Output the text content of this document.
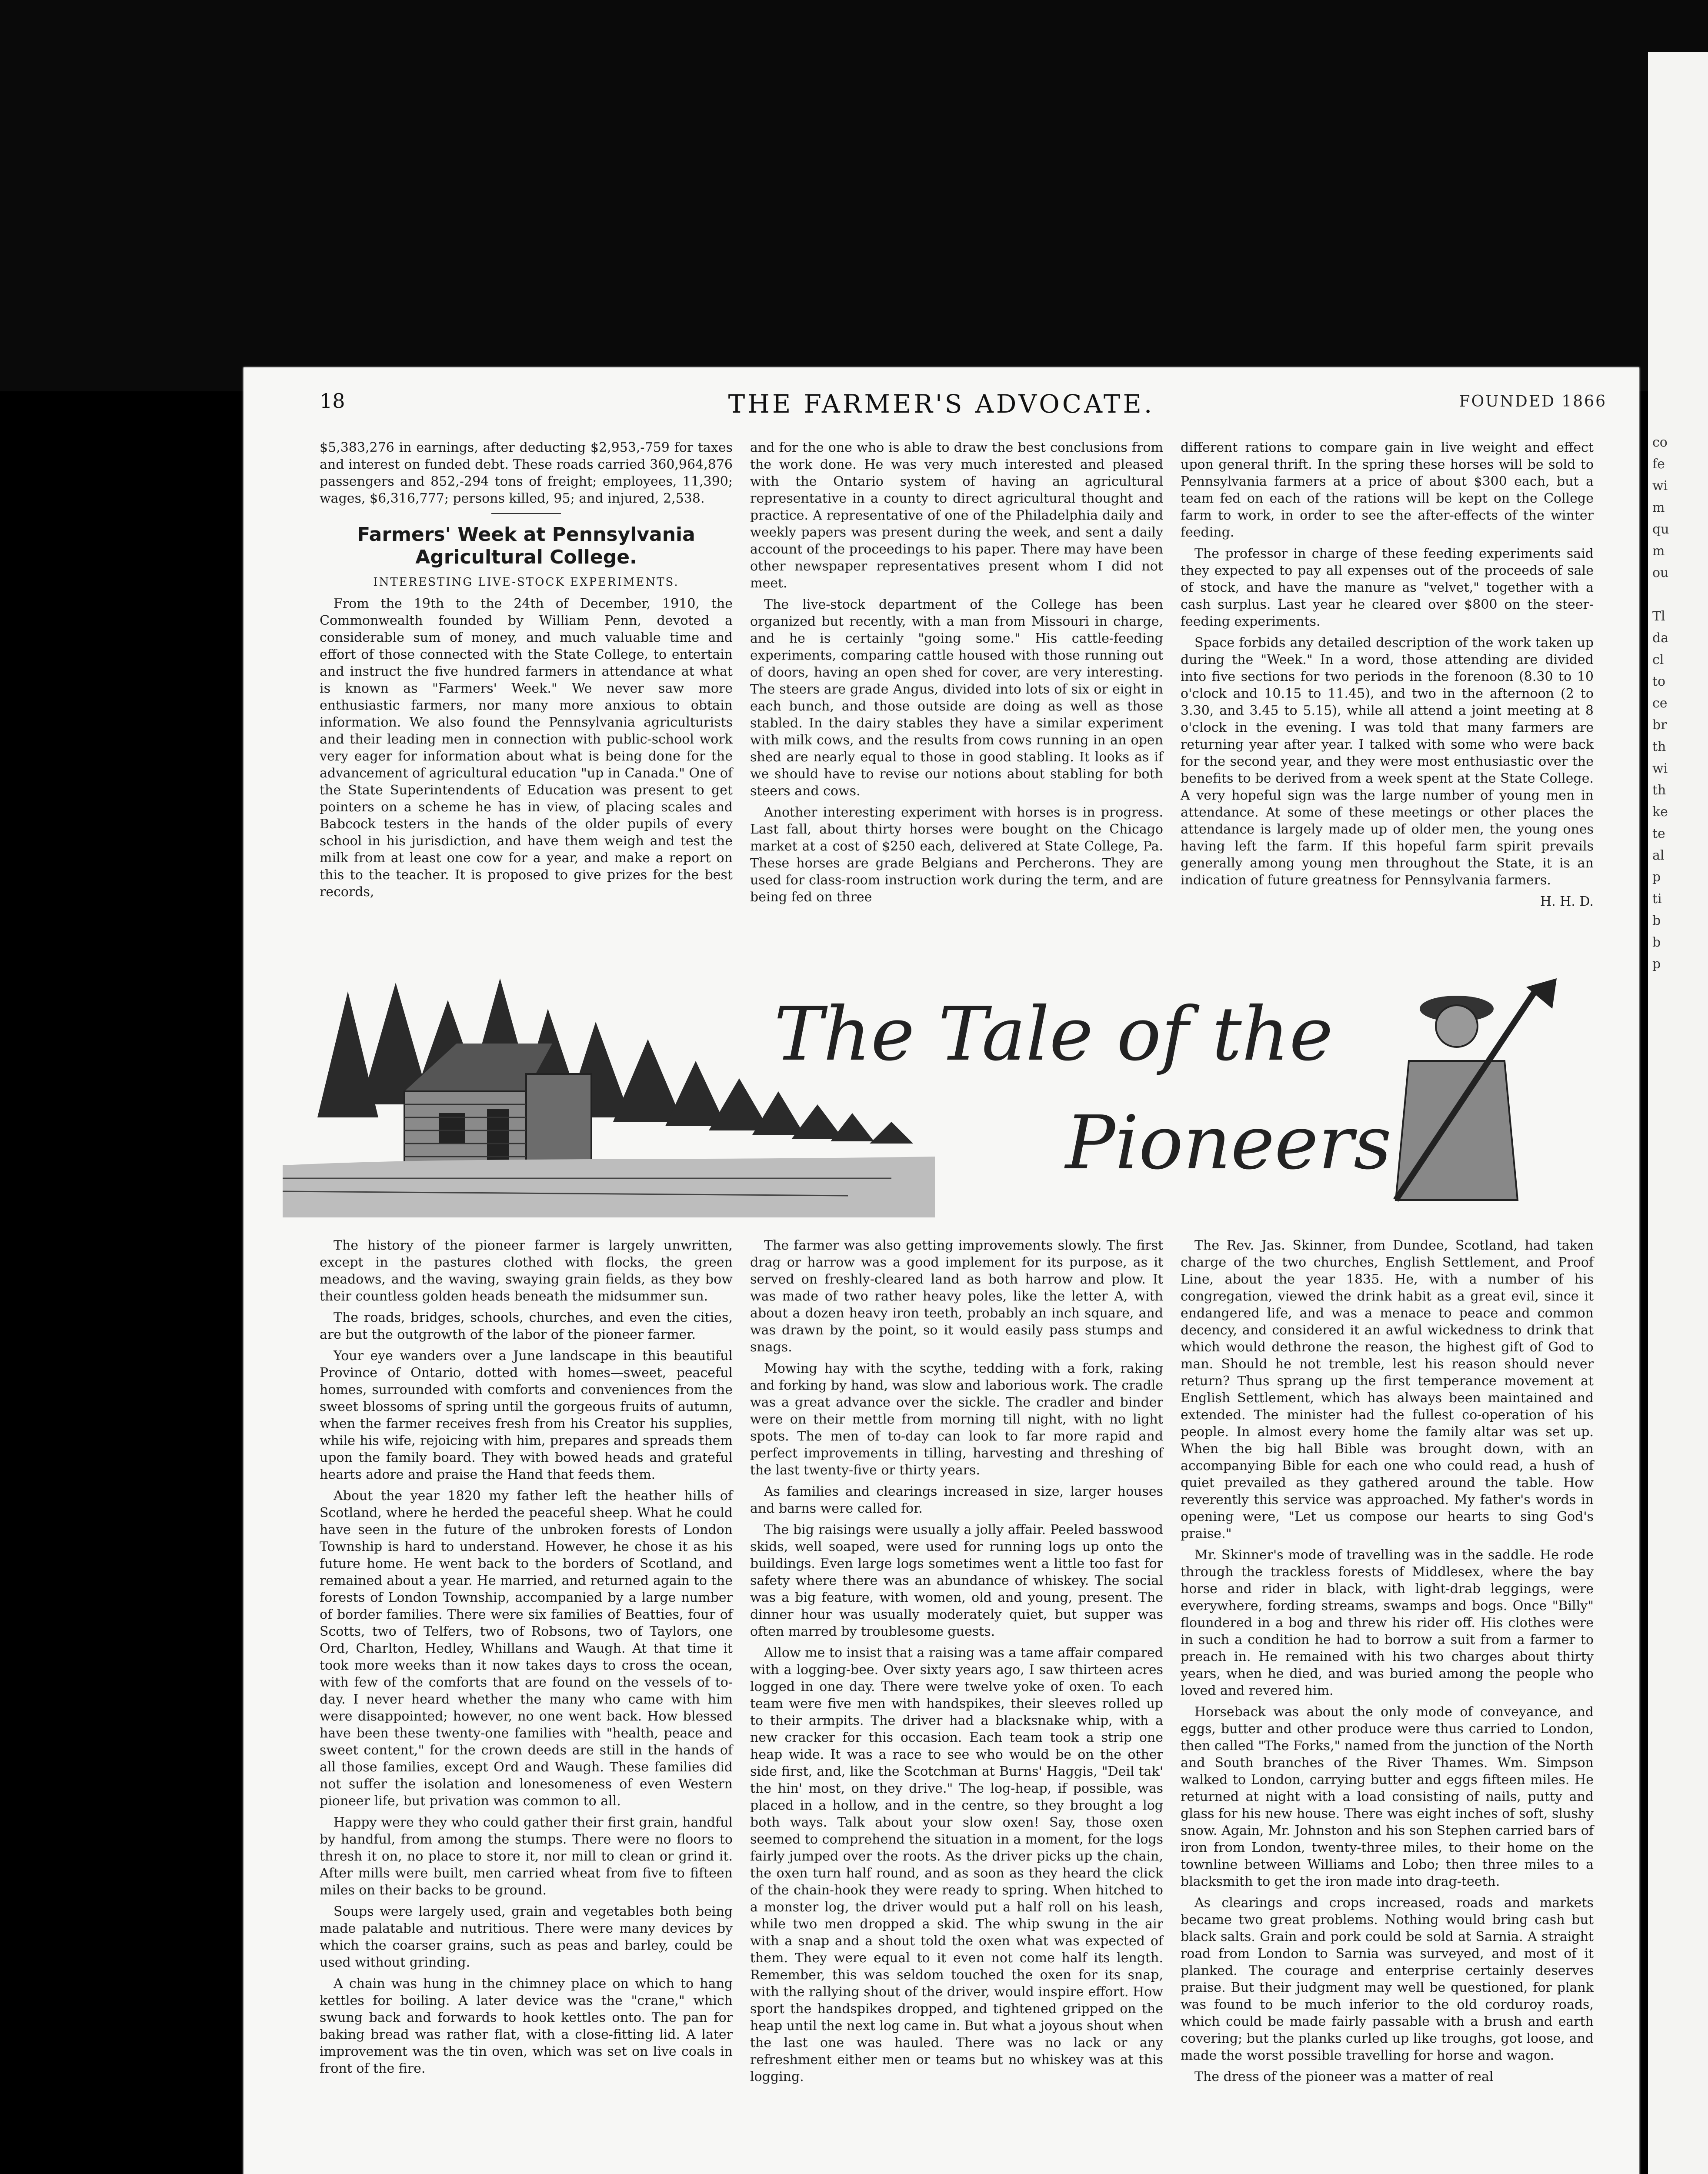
co
fe
wi
m
qu
m
ou
Tl
da
cl
to
ce
br
th
wi
th
ke
te
al
p
ti
b
b
p
THE FARMER'S ADVOCATE.
18	FOUNDED 1866

$5,383,276 in earnings, after deducting $2,953,-759 for taxes and interest on funded debt. These roads carried 360,964,876 passengers and 852,-294 tons of freight; employees, 11,390; wages, $6,316,777; persons killed, 95; and injured, 2,538.

Farmers' Week at Pennsylvania Agricultural College.
INTERESTING LIVE-STOCK EXPERIMENTS.

From the 19th to the 24th of December, 1910, the Commonwealth founded by William Penn, devoted a considerable sum of money, and much valuable time and effort of those connected with the State College, to entertain and instruct the five hundred farmers in attendance at what is known as "Farmers' Week." We never saw more enthusiastic farmers, nor many more anxious to obtain information. We also found the Pennsylvania agriculturists and their leading men in connection with public-school work very eager for information about what is being done for the advancement of agricultural education "up in Canada." One of the State Superintendents of Education was present to get pointers on a scheme he has in view, of placing scales and Babcock testers in the hands of the older pupils of every school in his jurisdiction, and have them weigh and test the milk from at least one cow for a year, and make a report on this to the teacher. It is proposed to give prizes for the best records,

and for the one who is able to draw the best conclusions from the work done. He was very much interested and pleased with the Ontario system of having an agricultural representative in a county to direct agricultural thought and practice. A representative of one of the Philadelphia daily and weekly papers was present during the week, and sent a daily account of the proceedings to his paper. There may have been other newspaper representatives present whom I did not meet.

The live-stock department of the College has been organized but recently, with a man from Missouri in charge, and he is certainly "going some." His cattle-feeding experiments, comparing cattle housed with those running out of doors, having an open shed for cover, are very interesting. The steers are grade Angus, divided into lots of six or eight in each bunch, and those outside are doing as well as those stabled. In the dairy stables they have a similar experiment with milk cows, and the results from cows running in an open shed are nearly equal to those in good stabling. It looks as if we should have to revise our notions about stabling for both steers and cows.

Another interesting experiment with horses is in progress. Last fall, about thirty horses were bought on the Chicago market at a cost of $250 each, delivered at State College, Pa. These horses are grade Belgians and Percherons. They are used for class-room instruction work during the term, and are being fed on three

different rations to compare gain in live weight and effect upon general thrift. In the spring these horses will be sold to Pennsylvania farmers at a price of about $300 each, but a team fed on each of the rations will be kept on the College farm to work, in order to see the after-effects of the winter feeding.

The professor in charge of these feeding experiments said they expected to pay all expenses out of the proceeds of sale of stock, and have the manure as "velvet," together with a cash surplus. Last year he cleared over $800 on the steer-feeding experiments.

Space forbids any detailed description of the work taken up during the "Week." In a word, those attending are divided into five sections for two periods in the forenoon (8.30 to 10 o'clock and 10.15 to 11.45), and two in the afternoon (2 to 3.30, and 3.45 to 5.15), while all attend a joint meeting at 8 o'clock in the evening. I was told that many farmers are returning year after year. I talked with some who were back for the second year, and they were most enthusiastic over the benefits to be derived from a week spent at the State College. A very hopeful sign was the large number of young men in attendance. At some of these meetings or other places the attendance is largely made up of older men, the young ones having left the farm. If this hopeful farm spirit prevails generally among young men throughout the State, it is an indication of future greatness for Pennsylvania farmers.

H. H. D.

The Tale of the
Pioneers

The history of the pioneer farmer is largely unwritten, except in the pastures clothed with flocks, the green meadows, and the waving, swaying grain fields, as they bow their countless golden heads beneath the midsummer sun.

The roads, bridges, schools, churches, and even the cities, are but the outgrowth of the labor of the pioneer farmer.

Your eye wanders over a June landscape in this beautiful Province of Ontario, dotted with homes—sweet, peaceful homes, surrounded with comforts and conveniences from the sweet blossoms of spring until the gorgeous fruits of autumn, when the farmer receives fresh from his Creator his supplies, while his wife, rejoicing with him, prepares and spreads them upon the family board. They with bowed heads and grateful hearts adore and praise the Hand that feeds them.

About the year 1820 my father left the heather hills of Scotland, where he herded the peaceful sheep. What he could have seen in the future of the unbroken forests of London Township is hard to understand. However, he chose it as his future home. He went back to the borders of Scotland, and remained about a year. He married, and returned again to the forests of London Township, accompanied by a large number of border families. There were six families of Beatties, four of Scotts, two of Telfers, two of Robsons, two of Taylors, one Ord, Charlton, Hedley, Whillans and Waugh. At that time it took more weeks than it now takes days to cross the ocean, with few of the comforts that are found on the vessels of to-day. I never heard whether the many who came with him were disappointed; however, no one went back. How blessed have been these twenty-one families with "health, peace and sweet content," for the crown deeds are still in the hands of all those families, except Ord and Waugh. These families did not suffer the isolation and lonesomeness of even Western pioneer life, but privation was common to all.

Happy were they who could gather their first grain, handful by handful, from among the stumps. There were no floors to thresh it on, no place to store it, nor mill to clean or grind it. After mills were built, men carried wheat from five to fifteen miles on their backs to be ground.

Soups were largely used, grain and vegetables both being made palatable and nutritious. There were many devices by which the coarser grains, such as peas and barley, could be used without grinding.

A chain was hung in the chimney place on which to hang kettles for boiling. A later device was the "crane," which swung back and forwards to hook kettles onto. The pan for baking bread was rather flat, with a close-fitting lid. A later improvement was the tin oven, which was set on live coals in front of the fire.

The farmer was also getting improvements slowly. The first drag or harrow was a good implement for its purpose, as it served on freshly-cleared land as both harrow and plow. It was made of two rather heavy poles, like the letter A, with about a dozen heavy iron teeth, probably an inch square, and was drawn by the point, so it would easily pass stumps and snags.

Mowing hay with the scythe, tedding with a fork, raking and forking by hand, was slow and laborious work. The cradle was a great advance over the sickle. The cradler and binder were on their mettle from morning till night, with no light spots. The men of to-day can look to far more rapid and perfect improvements in tilling, harvesting and threshing of the last twenty-five or thirty years.

As families and clearings increased in size, larger houses and barns were called for.

The big raisings were usually a jolly affair. Peeled basswood skids, well soaped, were used for running logs up onto the buildings. Even large logs sometimes went a little too fast for safety where there was an abundance of whiskey. The social was a big feature, with women, old and young, present. The dinner hour was usually moderately quiet, but supper was often marred by troublesome guests.

Allow me to insist that a raising was a tame affair compared with a logging-bee. Over sixty years ago, I saw thirteen acres logged in one day. There were twelve yoke of oxen. To each team were five men with handspikes, their sleeves rolled up to their armpits. The driver had a blacksnake whip, with a new cracker for this occasion. Each team took a strip one heap wide. It was a race to see who would be on the other side first, and, like the Scotchman at Burns' Haggis, "Deil tak' the hin' most, on they drive." The log-heap, if possible, was placed in a hollow, and in the centre, so they brought a log both ways. Talk about your slow oxen! Say, those oxen seemed to comprehend the situation in a moment, for the logs fairly jumped over the roots. As the driver picks up the chain, the oxen turn half round, and as soon as they heard the click of the chain-hook they were ready to spring. When hitched to a monster log, the driver would put a half roll on his leash, while two men dropped a skid. The whip swung in the air with a snap and a shout told the oxen what was expected of them. They were equal to it even not come half its length. Remember, this was seldom touched the oxen for its snap, with the rallying shout of the driver, would inspire effort. How sport the handspikes dropped, and tightened gripped on the heap until the next log came in. But what a joyous shout when the last one was hauled. There was no lack or any refreshment either men or teams but no whiskey was at this logging.

The Rev. Jas. Skinner, from Dundee, Scotland, had taken charge of the two churches, English Settlement, and Proof Line, about the year 1835. He, with a number of his congregation, viewed the drink habit as a great evil, since it endangered life, and was a menace to peace and common decency, and considered it an awful wickedness to drink that which would dethrone the reason, the highest gift of God to man. Should he not tremble, lest his reason should never return? Thus sprang up the first temperance movement at English Settlement, which has always been maintained and extended. The minister had the fullest co-operation of his people. In almost every home the family altar was set up. When the big hall Bible was brought down, with an accompanying Bible for each one who could read, a hush of quiet prevailed as they gathered around the table. How reverently this service was approached. My father's words in opening were, "Let us compose our hearts to sing God's praise."

Mr. Skinner's mode of travelling was in the saddle. He rode through the trackless forests of Middlesex, where the bay horse and rider in black, with light-drab leggings, were everywhere, fording streams, swamps and bogs. Once "Billy" floundered in a bog and threw his rider off. His clothes were in such a condition he had to borrow a suit from a farmer to preach in. He remained with his two charges about thirty years, when he died, and was buried among the people who loved and revered him.

Horseback was about the only mode of conveyance, and eggs, butter and other produce were thus carried to London, then called "The Forks," named from the junction of the North and South branches of the River Thames. Wm. Simpson walked to London, carrying butter and eggs fifteen miles. He returned at night with a load consisting of nails, putty and glass for his new house. There was eight inches of soft, slushy snow. Again, Mr. Johnston and his son Stephen carried bars of iron from London, twenty-three miles, to their home on the townline between Williams and Lobo; then three miles to a blacksmith to get the iron made into drag-teeth.

As clearings and crops increased, roads and markets became two great problems. Nothing would bring cash but black salts. Grain and pork could be sold at Sarnia. A straight road from London to Sarnia was surveyed, and most of it planked. The courage and enterprise certainly deserves praise. But their judgment may well be questioned, for plank was found to be much inferior to the old corduroy roads, which could be made fairly passable with a brush and earth covering; but the planks curled up like troughs, got loose, and made the worst possible travelling for horse and wagon.

The dress of the pioneer was a matter of real
